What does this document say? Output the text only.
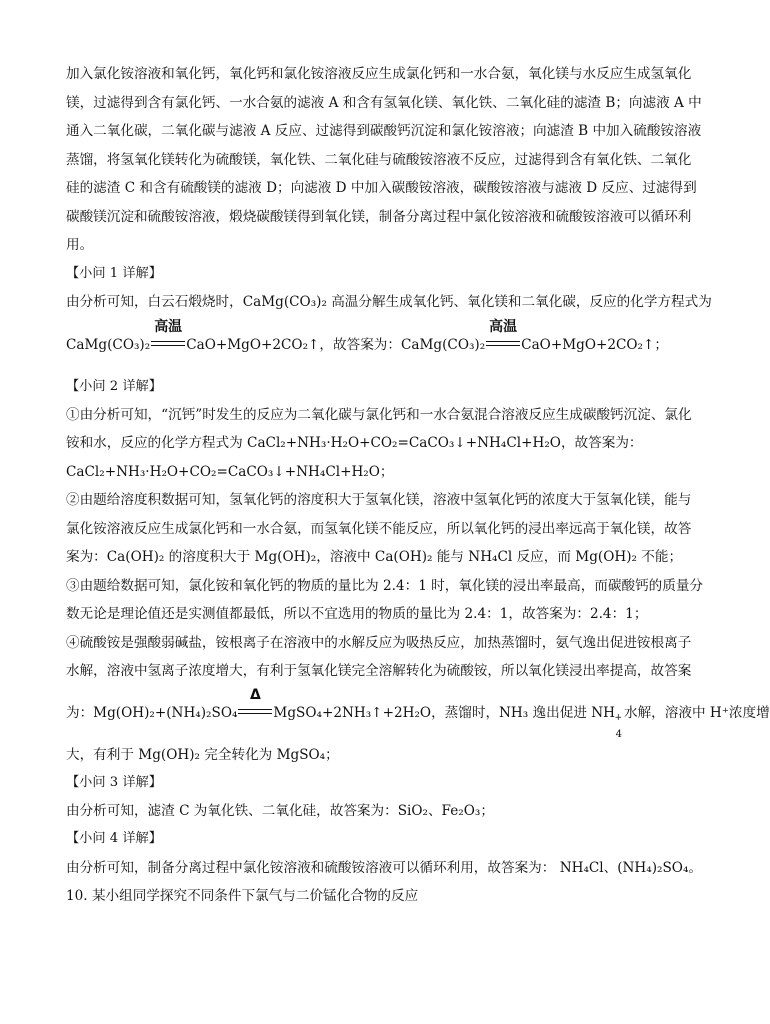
加入氯化铵溶液和氧化钙，氧化钙和氯化铵溶液反应生成氯化钙和一水合氨，氧化镁与水反应生成氢氧化
镁，过滤得到含有氯化钙、一水合氨的滤液 A 和含有氢氧化镁、氧化铁、二氧化硅的滤渣 B；向滤液 A 中
通入二氧化碳，二氧化碳与滤液 A 反应、过滤得到碳酸钙沉淀和氯化铵溶液；向滤渣 B 中加入硫酸铵溶液
蒸馏，将氢氧化镁转化为硫酸镁，氧化铁、二氧化硅与硫酸铵溶液不反应，过滤得到含有氧化铁、二氧化
硅的滤渣 C 和含有硫酸镁的滤液 D；向滤液 D 中加入碳酸铵溶液，碳酸铵溶液与滤液 D 反应、过滤得到
碳酸镁沉淀和硫酸铵溶液，煅烧碳酸镁得到氧化镁，制备分离过程中氯化铵溶液和硫酸铵溶液可以循环利
用。
【小问 1 详解】
由分析可知，白云石煅烧时，CaMg(CO₃)₂ 高温分解生成氧化钙、氧化镁和二氧化碳，反应的化学方程式为
CaMg(CO₃)₂
高温
CaO+MgO+2CO₂↑，故答案为：CaMg(CO₃)₂
高温
CaO+MgO+2CO₂↑；
【小问 2 详解】
①由分析可知，“沉钙”时发生的反应为二氧化碳与氯化钙和一水合氨混合溶液反应生成碳酸钙沉淀、氯化
铵和水，反应的化学方程式为 CaCl₂+NH₃·H₂O+CO₂=CaCO₃↓+NH₄Cl+H₂O，故答案为：
CaCl₂+NH₃·H₂O+CO₂=CaCO₃↓+NH₄Cl+H₂O；
②由题给溶度积数据可知，氢氧化钙的溶度积大于氢氧化镁，溶液中氢氧化钙的浓度大于氢氧化镁，能与
氯化铵溶液反应生成氯化钙和一水合氨，而氢氧化镁不能反应，所以氧化钙的浸出率远高于氧化镁，故答
案为：Ca(OH)₂ 的溶度积大于 Mg(OH)₂，溶液中 Ca(OH)₂ 能与 NH₄Cl 反应，而 Mg(OH)₂ 不能；
③由题给数据可知，氯化铵和氧化钙的物质的量比为 2.4：1 时，氧化镁的浸出率最高，而碳酸钙的质量分
数无论是理论值还是实测值都最低，所以不宜选用的物质的量比为 2.4：1，故答案为：2.4：1；
④硫酸铵是强酸弱碱盐，铵根离子在溶液中的水解反应为吸热反应，加热蒸馏时，氨气逸出促进铵根离子
水解，溶液中氢离子浓度增大，有利于氢氧化镁完全溶解转化为硫酸铵，所以氧化镁浸出率提高，故答案
为：Mg(OH)₂+(NH₄)₂SO₄
Δ
MgSO₄+2NH₃↑+2H₂O，蒸馏时，NH₃ 逸出促进 NH +
4
水解，溶液中 H⁺浓度增
大，有利于 Mg(OH)₂ 完全转化为 MgSO₄；
【小问 3 详解】
由分析可知，滤渣 C 为氧化铁、二氧化硅，故答案为：SiO₂、Fe₂O₃；
【小问 4 详解】
由分析可知，制备分离过程中氯化铵溶液和硫酸铵溶液可以循环利用，故答案为： NH₄Cl、(NH₄)₂SO₄。
10. 某小组同学探究不同条件下氯气与二价锰化合物的反应
